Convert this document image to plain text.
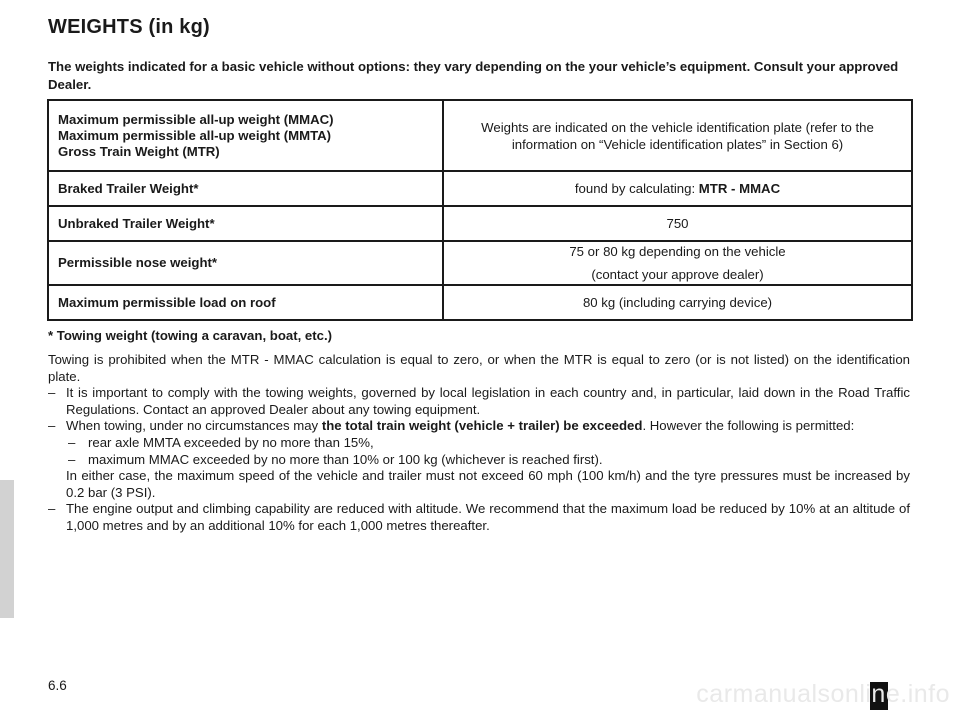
WEIGHTS (in kg)
The weights indicated for a basic vehicle without options: they vary depending on the your vehicle’s equipment. Consult your approved Dealer.
Maximum permissible all-up weight (MMAC)
Maximum permissible all-up weight (MMTA)
Gross Train Weight (MTR)	Weights are indicated on the vehicle identification plate (refer to the information on “Vehicle identification plates” in Section 6)
Braked Trailer Weight*	found by calculating: MTR - MMAC
Unbraked Trailer Weight*	750
Permissible nose weight*	75 or 80 kg depending on the vehicle
(contact your approve dealer)

Maximum permissible load on roof	80 kg (including carrying device)
* Towing weight (towing a caravan, boat, etc.)

Towing is prohibited when the MTR - MMAC calculation is equal to zero, or when the MTR is equal to zero (or is not listed) on the identification plate.

– It is important to comply with the towing weights, governed by local legislation in each country and, in particular, laid down in the Road Traffic Regulations. Contact an approved Dealer about any towing equipment.
– When towing, under no circumstances may the total train weight (vehicle + trailer) be exceeded. However the following is permitted:
– rear axle MMTA exceeded by no more than 15%,
– maximum MMAC exceeded by no more than 10% or 100 kg (whichever is reached first).
In either case, the maximum speed of the vehicle and trailer must not exceed 60 mph (100 km/h) and the tyre pressures must be increased by 0.2 bar (3 PSI).
– The engine output and climbing capability are reduced with altitude. We recommend that the maximum load be reduced by 10% at an altitude of 1,000 metres and by an additional 10% for each 1,000 metres thereafter.
6.6	carmanualsonline.info
